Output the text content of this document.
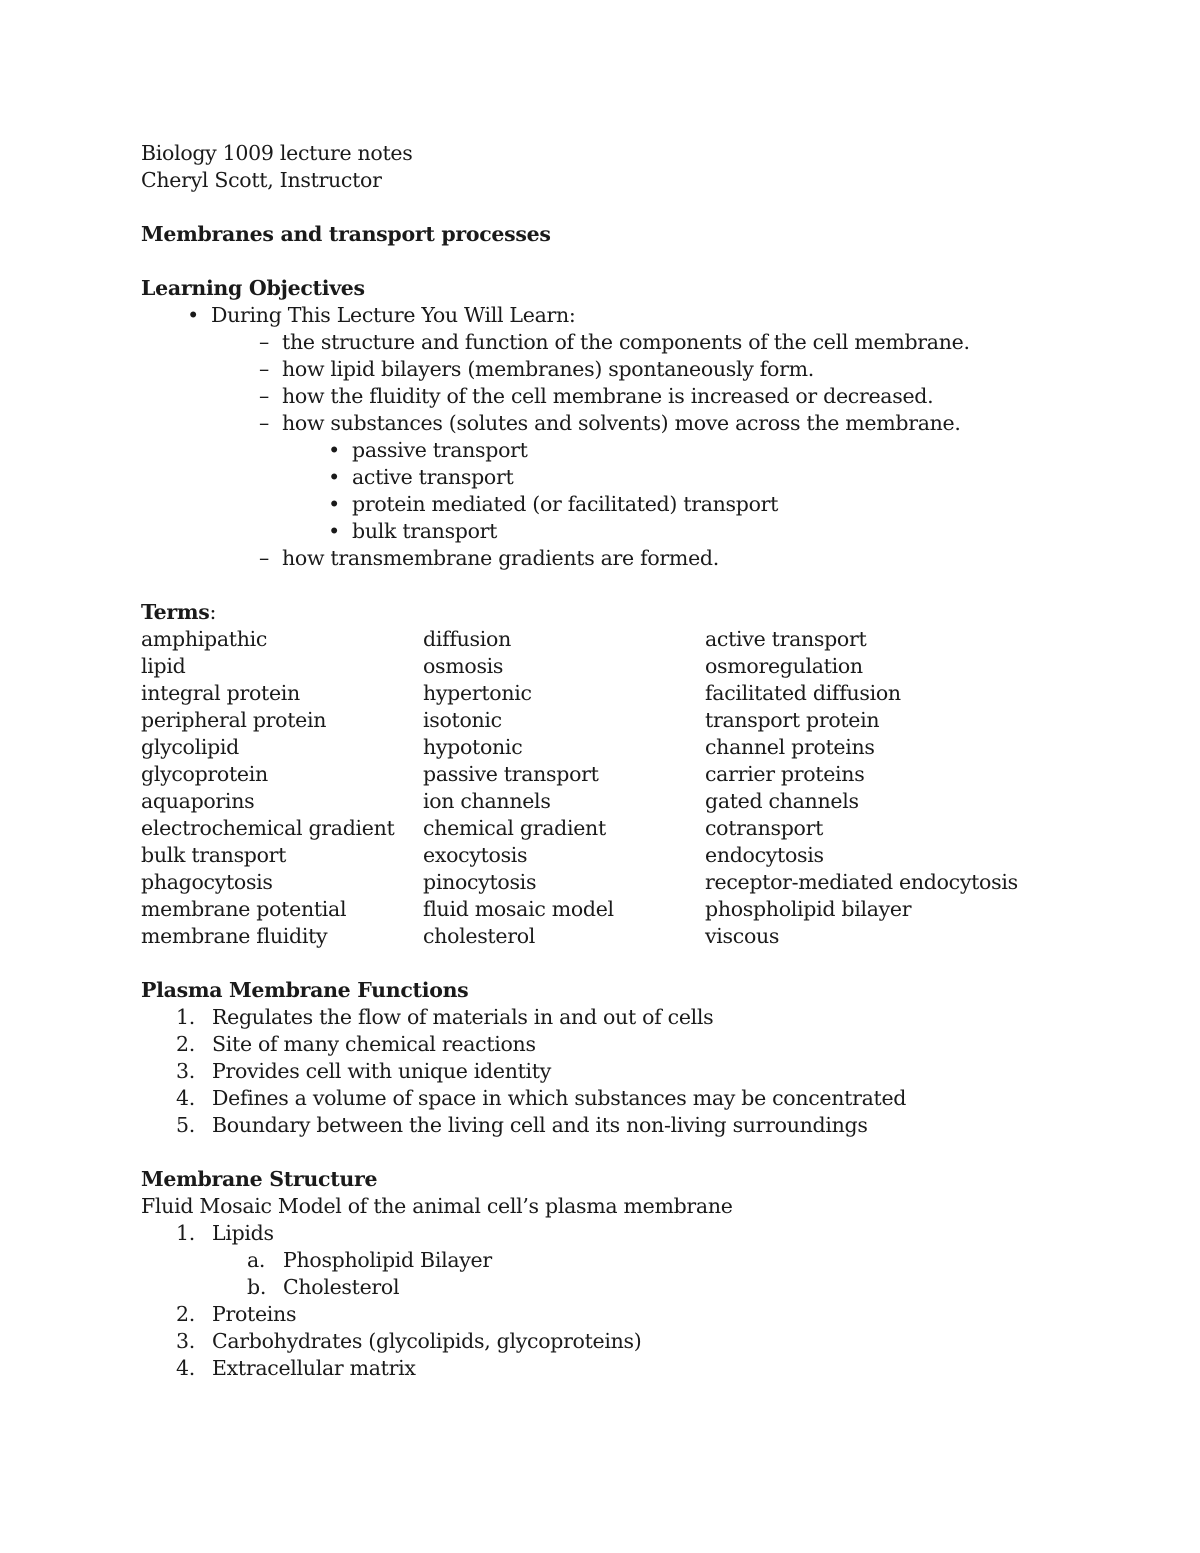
Biology 1009 lecture notes
Cheryl Scott, Instructor
Membranes and transport processes
Learning Objectives
• During This Lecture You Will Learn:
– the structure and function of the components of the cell membrane.
– how lipid bilayers (membranes) spontaneously form.
– how the fluidity of the cell membrane is increased or decreased.
– how substances (solutes and solvents) move across the membrane.
• passive transport
• active transport
• protein mediated (or facilitated) transport
• bulk transport
– how transmembrane gradients are formed.
Terms:
amphipathic	diffusion	active transport
lipid	osmosis	osmoregulation
integral protein	hypertonic	facilitated diffusion
peripheral protein	isotonic	transport protein
glycolipid	hypotonic	channel proteins
glycoprotein	passive transport	carrier proteins
aquaporins	ion channels	gated channels
electrochemical gradient	chemical gradient	cotransport
bulk transport	exocytosis	endocytosis
phagocytosis	pinocytosis	receptor-mediated endocytosis
membrane potential	fluid mosaic model	phospholipid bilayer
membrane fluidity	cholesterol	viscous
Plasma Membrane Functions
1. Regulates the flow of materials in and out of cells
2. Site of many chemical reactions
3. Provides cell with unique identity
4. Defines a volume of space in which substances may be concentrated
5. Boundary between the living cell and its non-living surroundings
Membrane Structure
Fluid Mosaic Model of the animal cell’s plasma membrane
1. Lipids
a. Phospholipid Bilayer
b. Cholesterol
2. Proteins
3. Carbohydrates (glycolipids, glycoproteins)
4. Extracellular matrix
